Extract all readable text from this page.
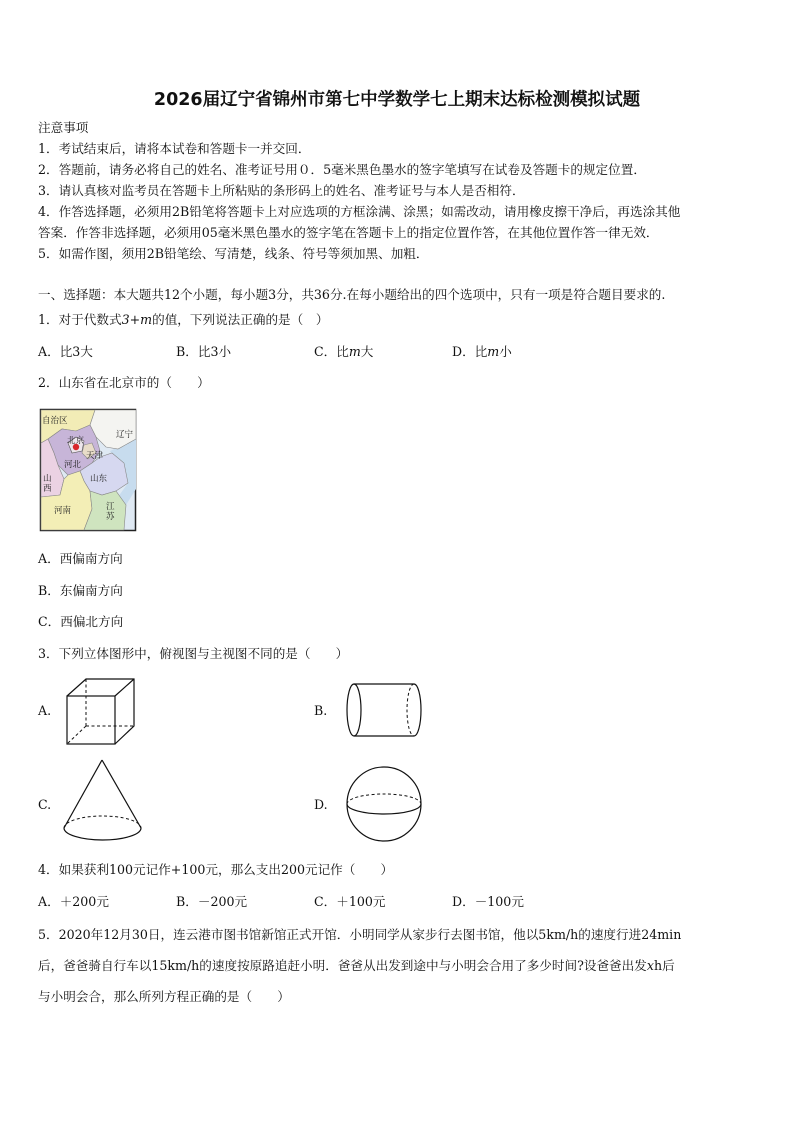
2026届辽宁省锦州市第七中学数学七上期末达标检测模拟试题
注意事项
1．考试结束后，请将本试卷和答题卡一并交回．
2．答题前，请务必将自己的姓名、准考证号用０．5毫米黑色墨水的签字笔填写在试卷及答题卡的规定位置．
3．请认真核对监考员在答题卡上所粘贴的条形码上的姓名、准考证号与本人是否相符．
4．作答选择题，必须用2B铅笔将答题卡上对应选项的方框涂满、涂黑；如需改动，请用橡皮擦干净后，再选涂其他
答案．作答非选择题，必须用05毫米黑色墨水的签字笔在答题卡上的指定位置作答，在其他位置作答一律无效．
5．如需作图，须用2B铅笔绘、写清楚，线条、符号等须加黑、加粗．
一、选择题：本大题共12个小题，每小题3分，共36分.在每小题给出的四个选项中，只有一项是符合题目要求的.
1．对于代数式3+m的值，下列说法正确的是（　）
A．比3大	B．比3小	C．比m大	D．比m小
2．山东省在北京市的（　　）
自治区
北京
天津
辽宁
河北
山东
山
西
河南	江
苏
A．西偏南方向
B．东偏南方向
C．西偏北方向
3．下列立体图形中，俯视图与主视图不同的是（　　）
A.	B.
C.	D.
4．如果获利100元记作+100元，那么支出200元记作（　　）
A．＋200元	B．－200元	C．＋100元	D．－100元
5．2020年12月30日，连云港市图书馆新馆正式开馆．小明同学从家步行去图书馆，他以5km/h的速度行进24min
后，爸爸骑自行车以15km/h的速度按原路追赶小明．爸爸从出发到途中与小明会合用了多少时间?设爸爸出发xh后
与小明会合，那么所列方程正确的是（　　）
